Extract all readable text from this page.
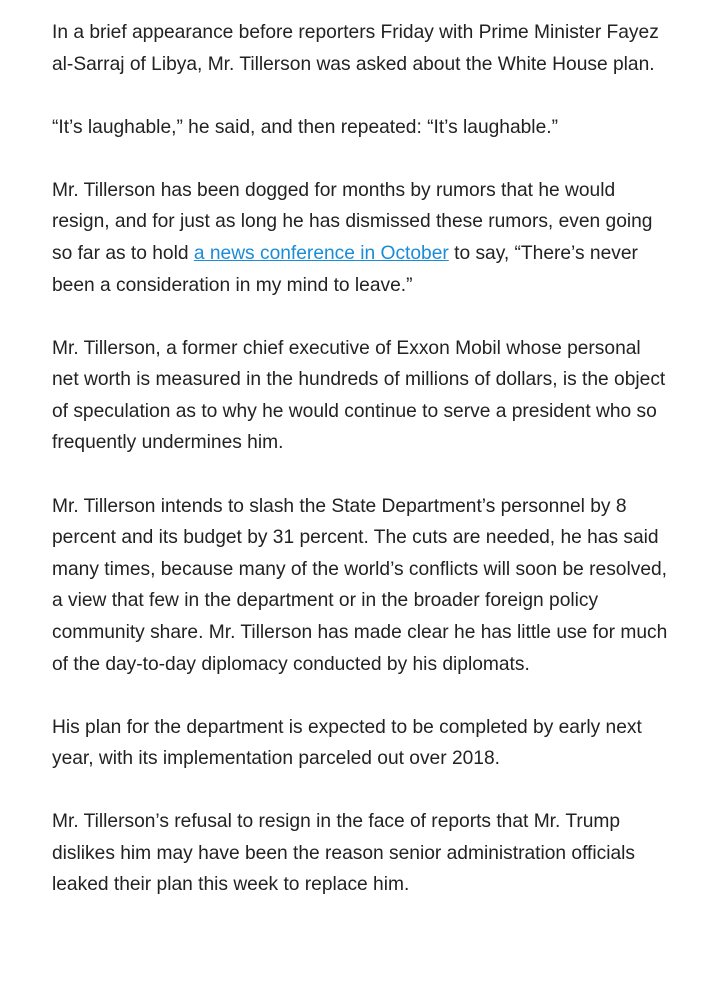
In a brief appearance before reporters Friday with Prime Minister Fayez al-Sarraj of Libya, Mr. Tillerson was asked about the White House plan.

“It’s laughable,” he said, and then repeated: “It’s laughable.”

Mr. Tillerson has been dogged for months by rumors that he would resign, and for just as long he has dismissed these rumors, even going so far as to hold a news conference in October to say, “There’s never been a consideration in my mind to leave.”

Mr. Tillerson, a former chief executive of Exxon Mobil whose personal net worth is measured in the hundreds of millions of dollars, is the object of speculation as to why he would continue to serve a president who so frequently undermines him.

Mr. Tillerson intends to slash the State Department’s personnel by 8 percent and its budget by 31 percent. The cuts are needed, he has said many times, because many of the world’s conflicts will soon be resolved, a view that few in the department or in the broader foreign policy community share. Mr. Tillerson has made clear he has little use for much of the day-to-day diplomacy conducted by his diplomats.

His plan for the department is expected to be completed by early next year, with its implementation parceled out over 2018.

Mr. Tillerson’s refusal to resign in the face of reports that Mr. Trump dislikes him may have been the reason senior administration officials leaked their plan this week to replace him.
